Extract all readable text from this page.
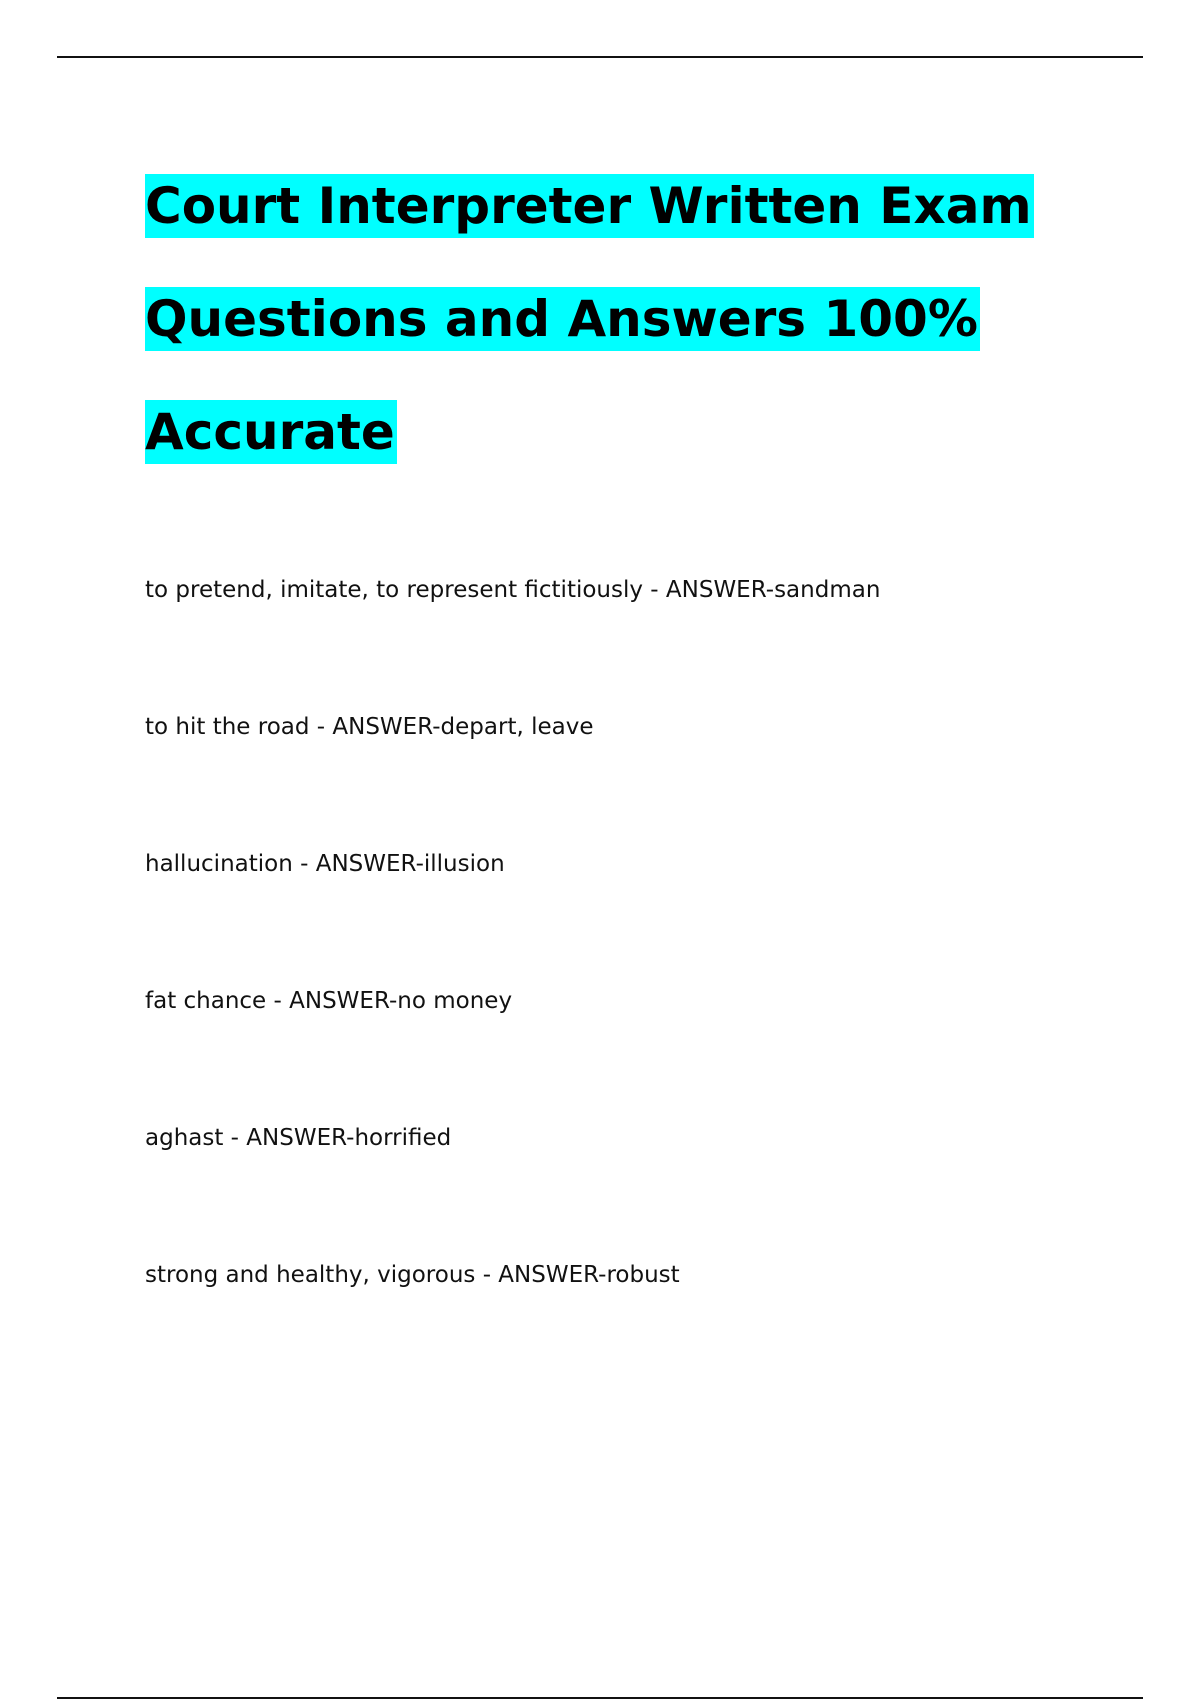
Court Interpreter Written Exam
Questions and Answers 100%
Accurate
to pretend, imitate, to represent fictitiously - ANSWER-sandman
to hit the road - ANSWER-depart, leave
hallucination - ANSWER-illusion
fat chance - ANSWER-no money
aghast - ANSWER-horrified
strong and healthy, vigorous - ANSWER-robust
